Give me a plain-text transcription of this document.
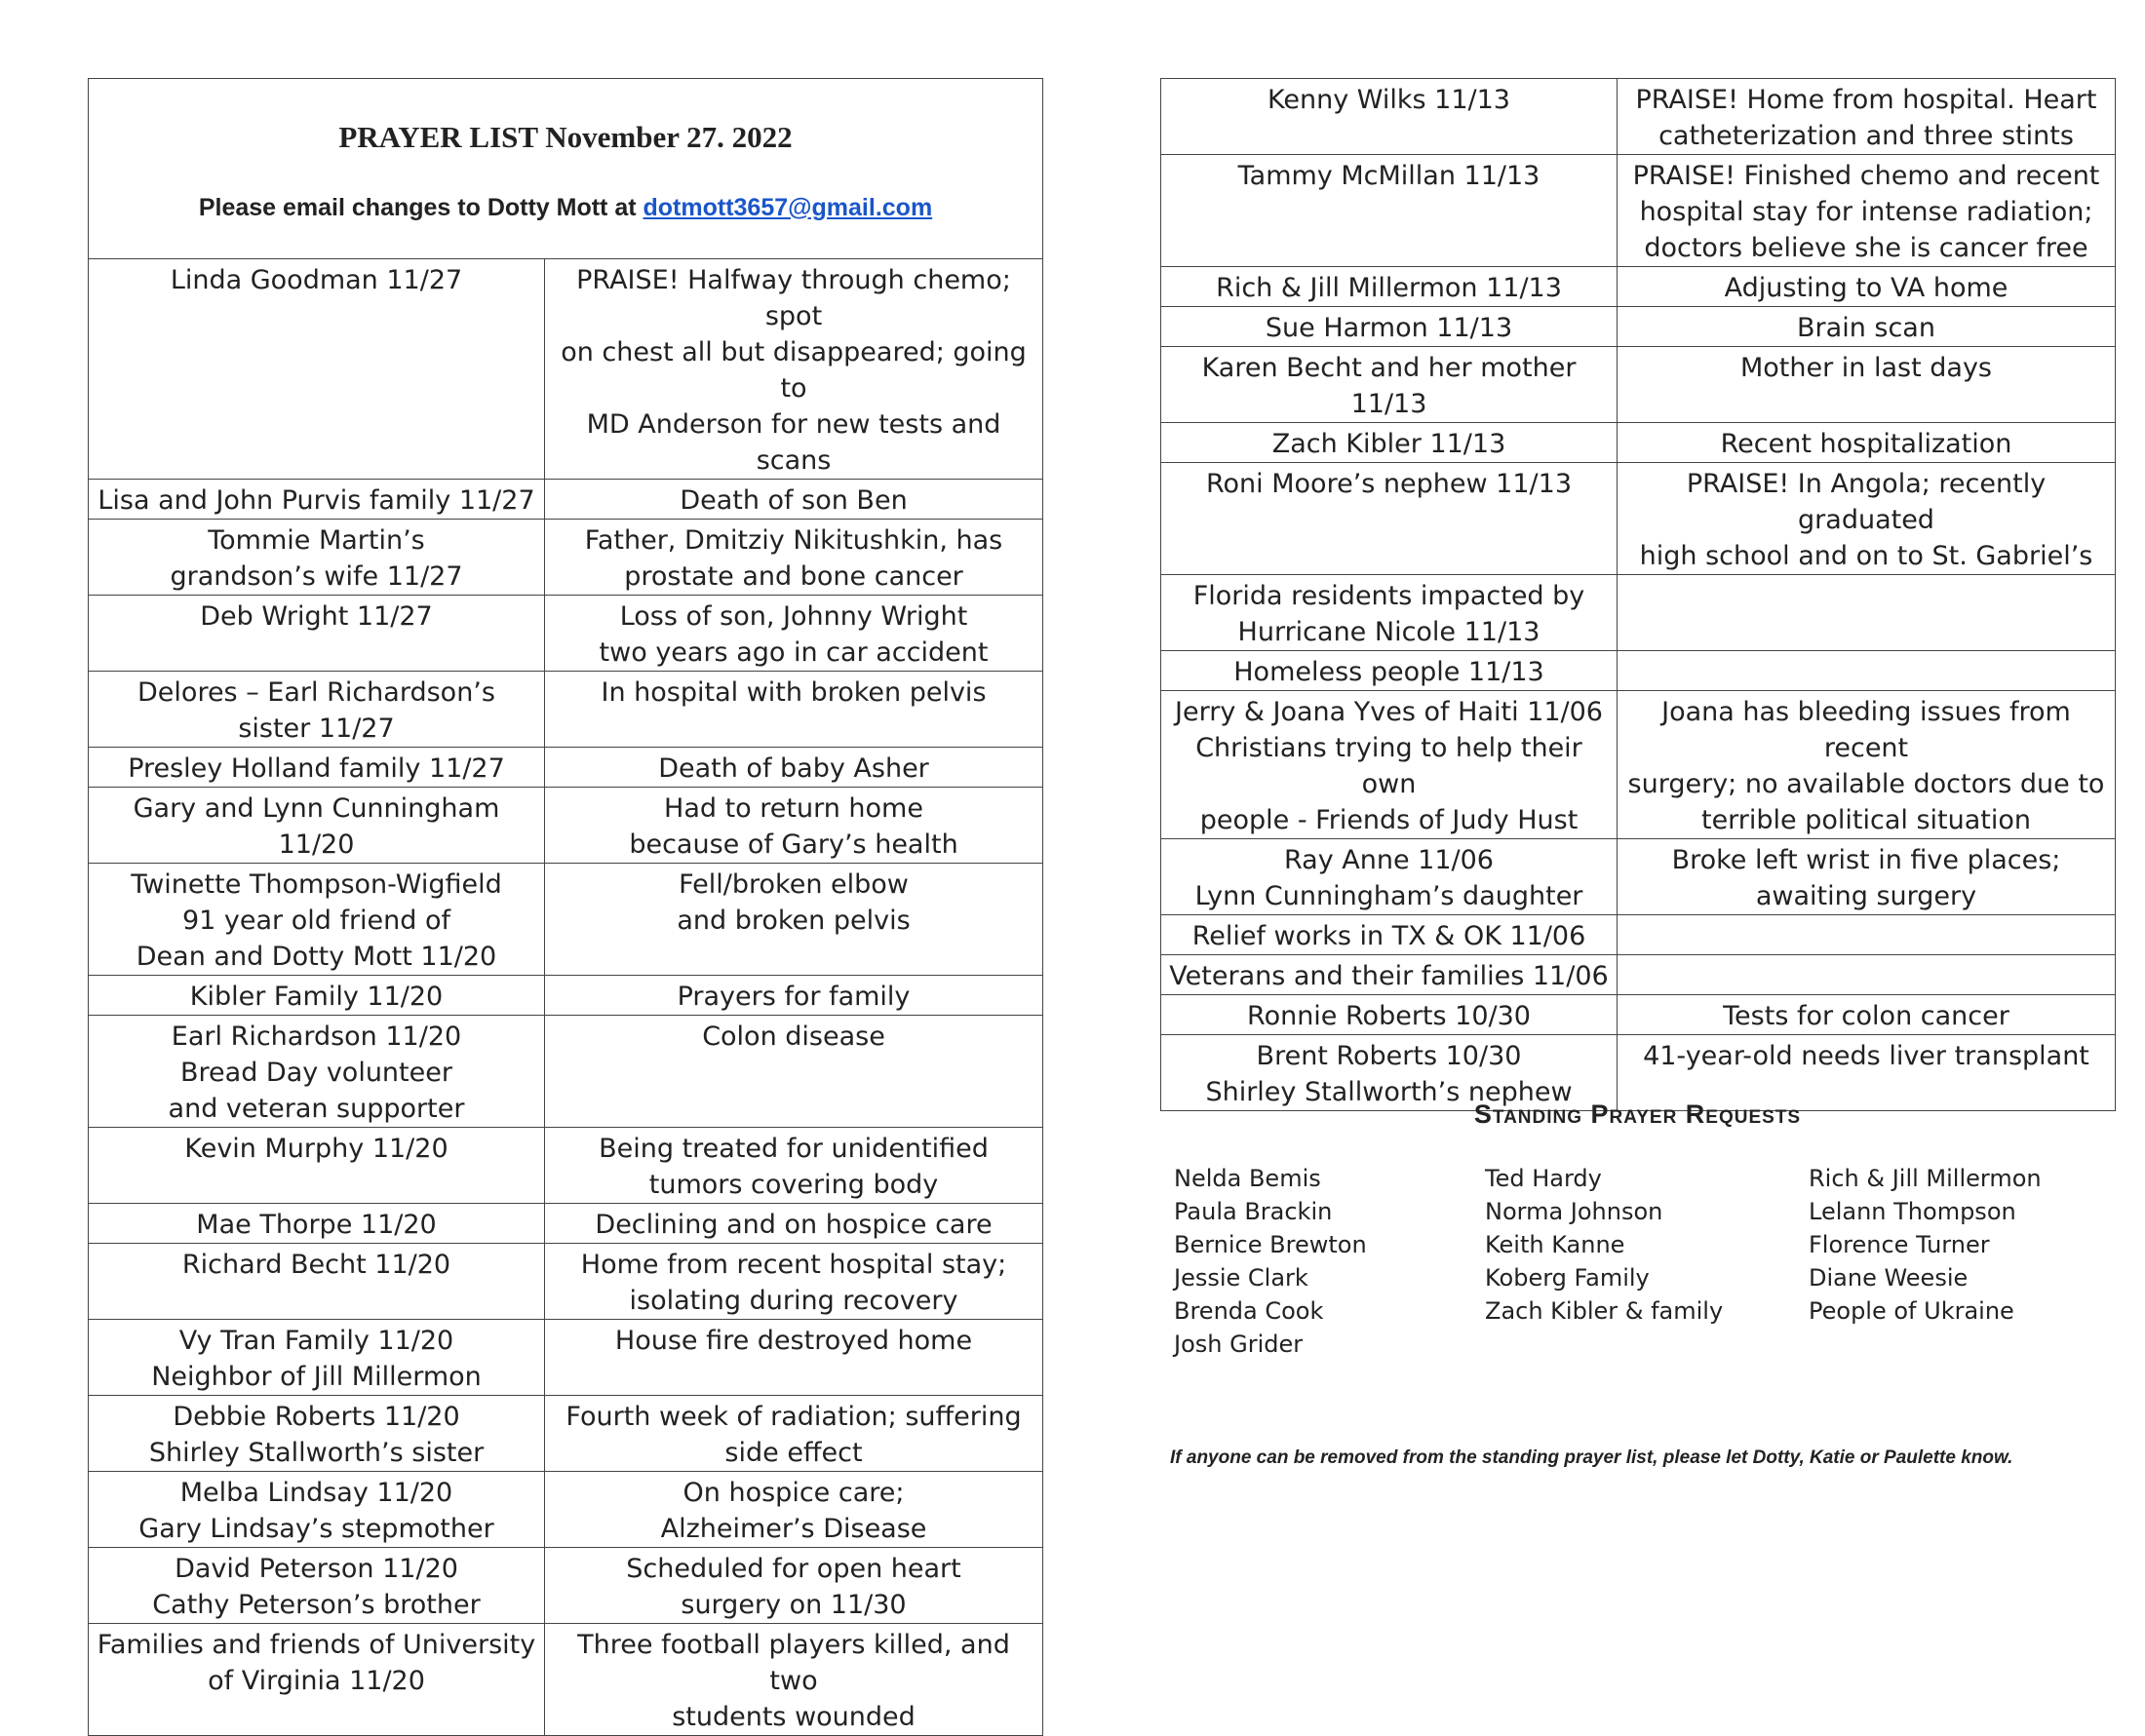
PRAYER LIST November 27. 2022

Please email changes to Dotty Mott at dotmott3657@gmail.com	

Linda Goodman 11/27	PRAISE! Halfway through chemo; spot
on chest all but disappeared; going to
MD Anderson for new tests and scans
Lisa and John Purvis family 11/27	Death of son Ben
Tommie Martin’s
grandson’s wife 11/27	Father, Dmitziy Nikitushkin, has
prostate and bone cancer
Deb Wright 11/27	Loss of son, Johnny Wright
two years ago in car accident
Delores – Earl Richardson’s
sister 11/27	In hospital with broken pelvis
Presley Holland family 11/27	Death of baby Asher
Gary and Lynn Cunningham 11/20	Had to return home
because of Gary’s health
Twinette Thompson-Wigfield
91 year old friend of
Dean and Dotty Mott 11/20	Fell/broken elbow
and broken pelvis
Kibler Family 11/20	Prayers for family
Earl Richardson 11/20
Bread Day volunteer
and veteran supporter	Colon disease
Kevin Murphy 11/20	Being treated for unidentified
tumors covering body
Mae Thorpe 11/20	Declining and on hospice care
Richard Becht 11/20	Home from recent hospital stay;
isolating during recovery
Vy Tran Family 11/20
Neighbor of Jill Millermon	House fire destroyed home
Debbie Roberts 11/20
Shirley Stallworth’s sister	Fourth week of radiation; suffering
side effect
Melba Lindsay 11/20
Gary Lindsay’s stepmother	On hospice care;
Alzheimer’s Disease
David Peterson 11/20
Cathy Peterson’s brother	Scheduled for open heart
surgery on 11/30
Families and friends of University
of Virginia 11/20	Three football players killed, and two
students wounded
Kenny Wilks 11/13	PRAISE! Home from hospital. Heart
catheterization and three stints
Tammy McMillan 11/13	PRAISE! Finished chemo and recent
hospital stay for intense radiation;
doctors believe she is cancer free
Rich & Jill Millermon 11/13	Adjusting to VA home
Sue Harmon 11/13	Brain scan
Karen Becht and her mother 11/13	Mother in last days
Zach Kibler 11/13	Recent hospitalization
Roni Moore’s nephew 11/13	PRAISE! In Angola; recently graduated
high school and on to St. Gabriel’s
Florida residents impacted by
Hurricane Nicole 11/13	
Homeless people 11/13	
Jerry & Joana Yves of Haiti 11/06
Christians trying to help their own
people - Friends of Judy Hust	Joana has bleeding issues from recent
surgery; no available doctors due to
terrible political situation
Ray Anne 11/06
Lynn Cunningham’s daughter	Broke left wrist in five places;
awaiting surgery
Relief works in TX & OK 11/06	
Veterans and their families 11/06	
Ronnie Roberts 10/30	Tests for colon cancer
Brent Roberts 10/30
Shirley Stallworth’s nephew	41-year-old needs liver transplant
Standing Prayer Requests
Nelda Bemis
Paula Brackin
Bernice Brewton
Jessie Clark
Brenda Cook
Josh Grider
Ted Hardy
Norma Johnson
Keith Kanne
Koberg Family
Zach Kibler & family
Rich & Jill Millermon
Lelann Thompson
Florence Turner
Diane Weesie
People of Ukraine

If anyone can be removed from the standing prayer list, please let Dotty, Katie or Paulette know.
